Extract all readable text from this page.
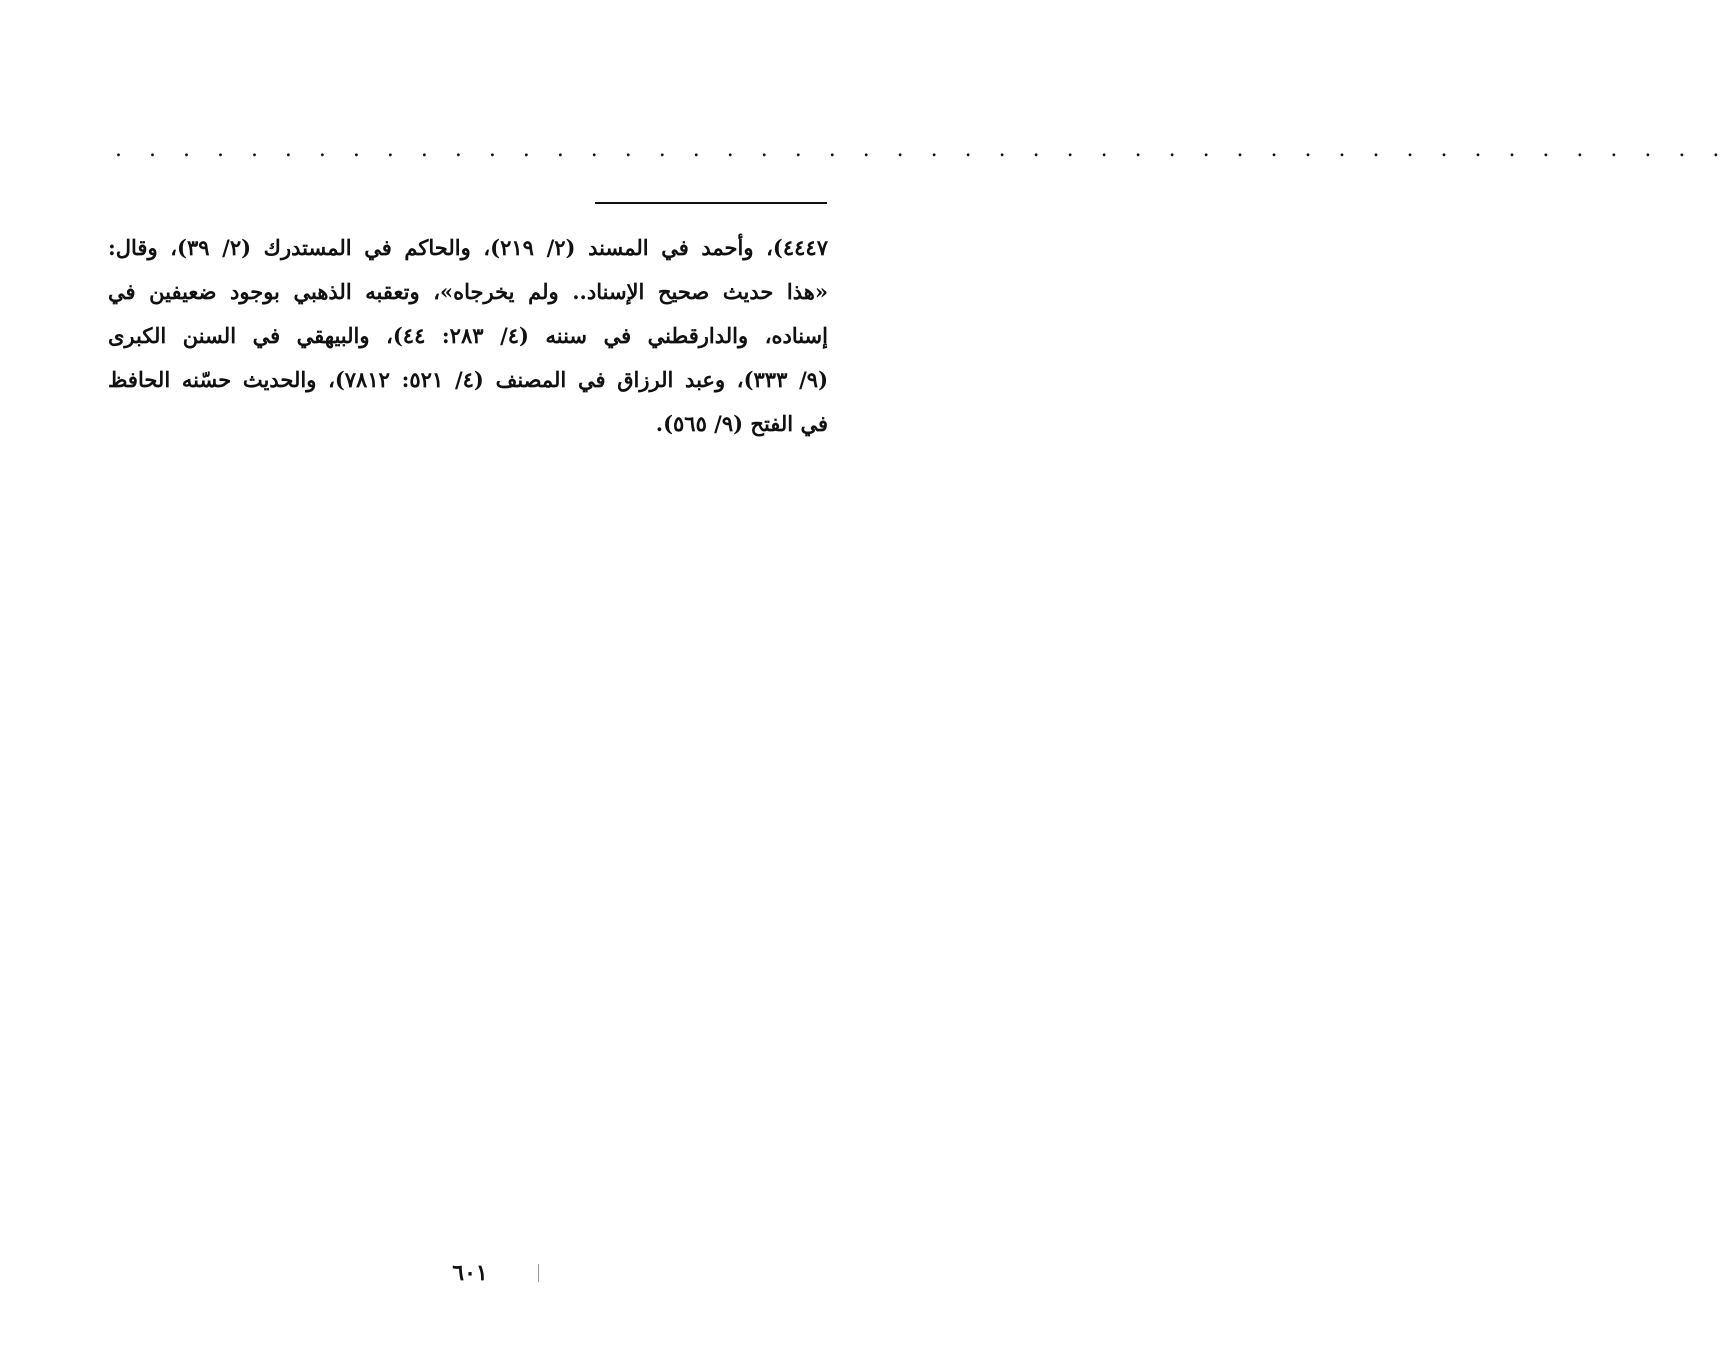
. . . . . . . . . . . . . . . . . . . . . . . . . . . . . . . . . . . . . . . . . . . . . . . .
٤٤٤٧)، وأحمد في المسند (٢/ ٢١٩)، والحاكم في المستدرك (٢/ ٣٩)، وقال:
«هذا حديث صحيح الإسناد.. ولم يخرجاه»، وتعقبه الذهبي بوجود ضعيفين في
إسناده، والدارقطني في سننه (٤/ ٢٨٣: ٤٤)، والبيهقي في السنن الكبرى
(٩/ ٣٣٣)، وعبد الرزاق في المصنف (٤/ ٥٢١: ٧٨١٢)، والحديث حسّنه الحافظ
في الفتح (٩/ ٥٦٥).
٦٠١
